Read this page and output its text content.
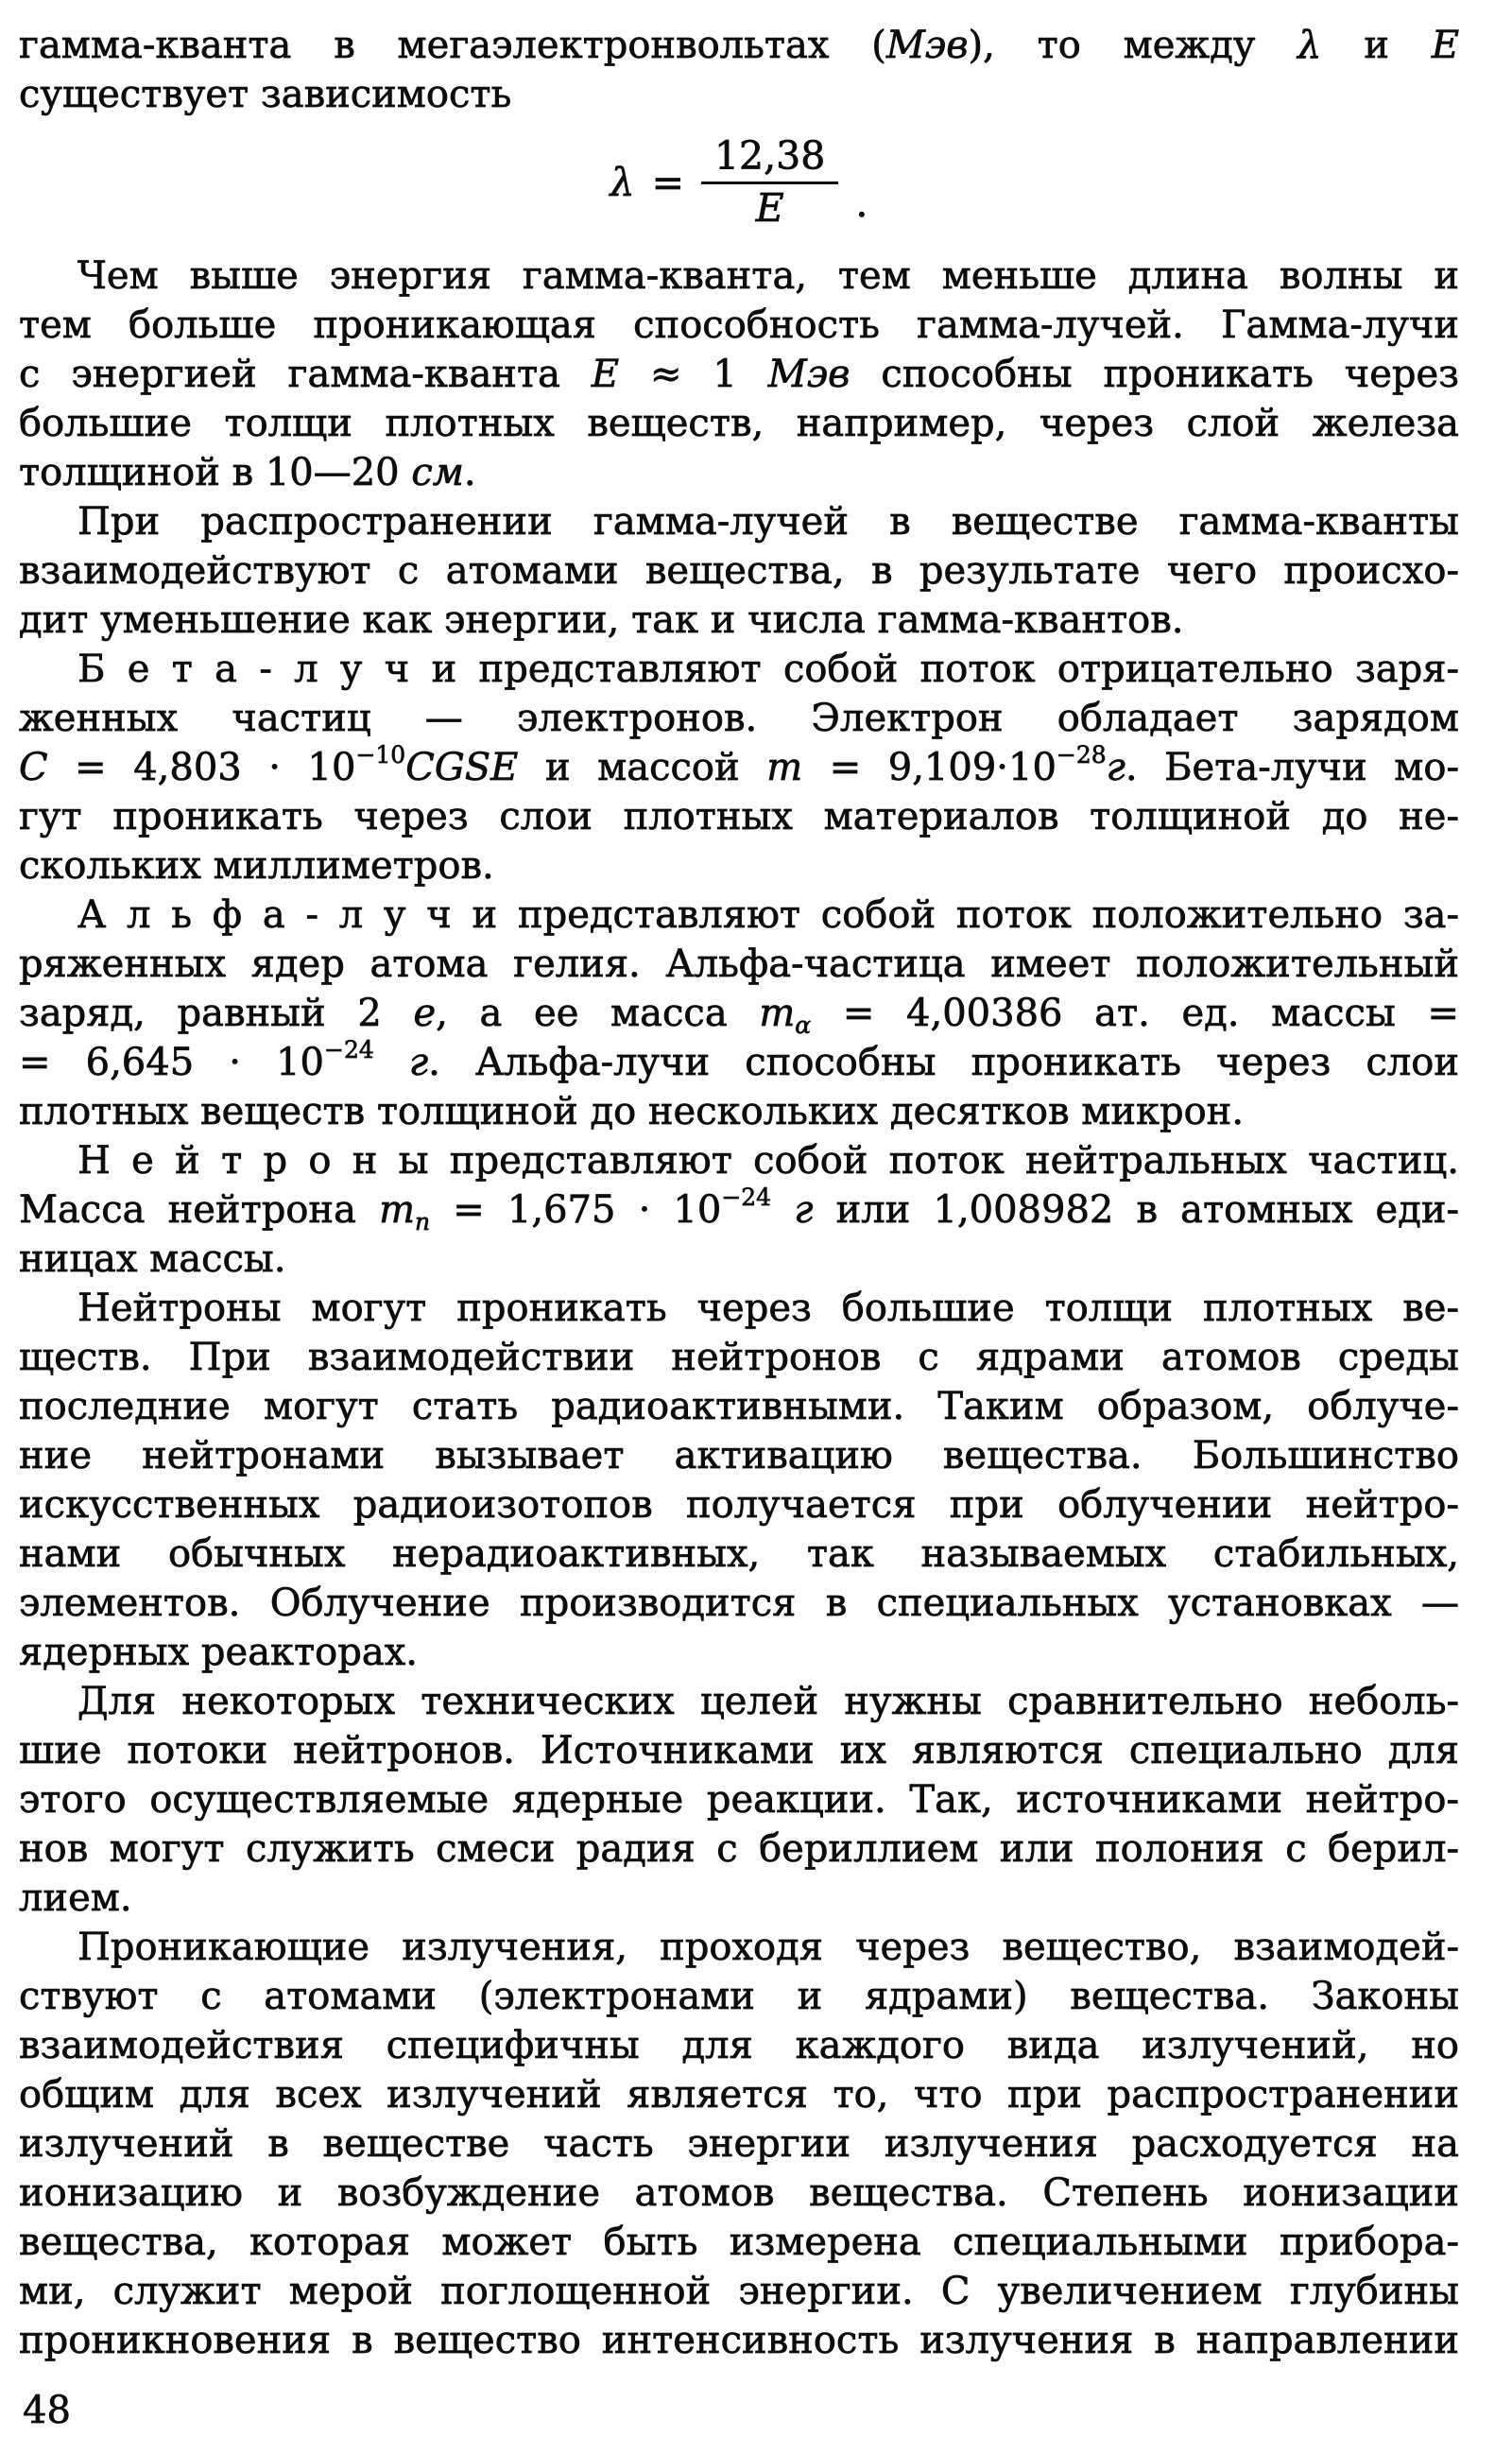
гамма-кванта в мегаэлектронвольтах (Мэв), то между λ и E
существует зависимость
$\lambda = \frac{12,38}{E}$ .
Чем выше энергия гамма-кванта, тем меньше длина волны и
тем больше проникающая способность гамма-лучей. Гамма-лучи
с энергией гамма-кванта E ≈ 1 Мэв способны проникать через
большие толщи плотных веществ, например, через слой железа
толщиной в 10—20 см.
При распространении гамма-лучей в веществе гамма-кванты
взаимодействуют с атомами вещества, в результате чего происхо-
дит уменьшение как энергии, так и числа гамма-квантов.
Б е т а - л у ч и представляют собой поток отрицательно заря-
женных частиц — электронов. Электрон обладает зарядом
$C = 4,803 \cdot 10^{-10}CGSE$ и массой $m = 9,109\cdot 10^{-28}г$. Бета-лучи мо-
гут проникать через слои плотных материалов толщиной до не-
скольких миллиметров.
А л ь ф а - л у ч и представляют собой поток положительно за-
ряженных ядер атома гелия. Альфа-частица имеет положительный
заряд, равный 2 е, а ее масса $m_\alpha = 4,00386$ ат. ед. массы =
= $6,645 \cdot 10^{-24}$ г. Альфа-лучи способны проникать через слои
плотных веществ толщиной до нескольких десятков микрон.
Н е й т р о н ы представляют собой поток нейтральных частиц.
Масса нейтрона $m_n = 1,675 \cdot 10^{-24}$ г или 1,008982 в атомных еди-
ницах массы.
Нейтроны могут проникать через большие толщи плотных ве-
ществ. При взаимодействии нейтронов с ядрами атомов среды
последние могут стать радиоактивными. Таким образом, облуче-
ние нейтронами вызывает активацию вещества. Большинство
искусственных радиоизотопов получается при облучении нейтро-
нами обычных нерадиоактивных, так называемых стабильных,
элементов. Облучение производится в специальных установках —
ядерных реакторах.
Для некоторых технических целей нужны сравнительно неболь-
шие потоки нейтронов. Источниками их являются специально для
этого осуществляемые ядерные реакции. Так, источниками нейтро-
нов могут служить смеси радия с бериллием или полония с берил-
лием.
Проникающие излучения, проходя через вещество, взаимодей-
ствуют с атомами (электронами и ядрами) вещества. Законы
взаимодействия специфичны для каждого вида излучений, но
общим для всех излучений является то, что при распространении
излучений в веществе часть энергии излучения расходуется на
ионизацию и возбуждение атомов вещества. Степень ионизации
вещества, которая может быть измерена специальными прибора-
ми, служит мерой поглощенной энергии. С увеличением глубины
проникновения в вещество интенсивность излучения в направлении
48
